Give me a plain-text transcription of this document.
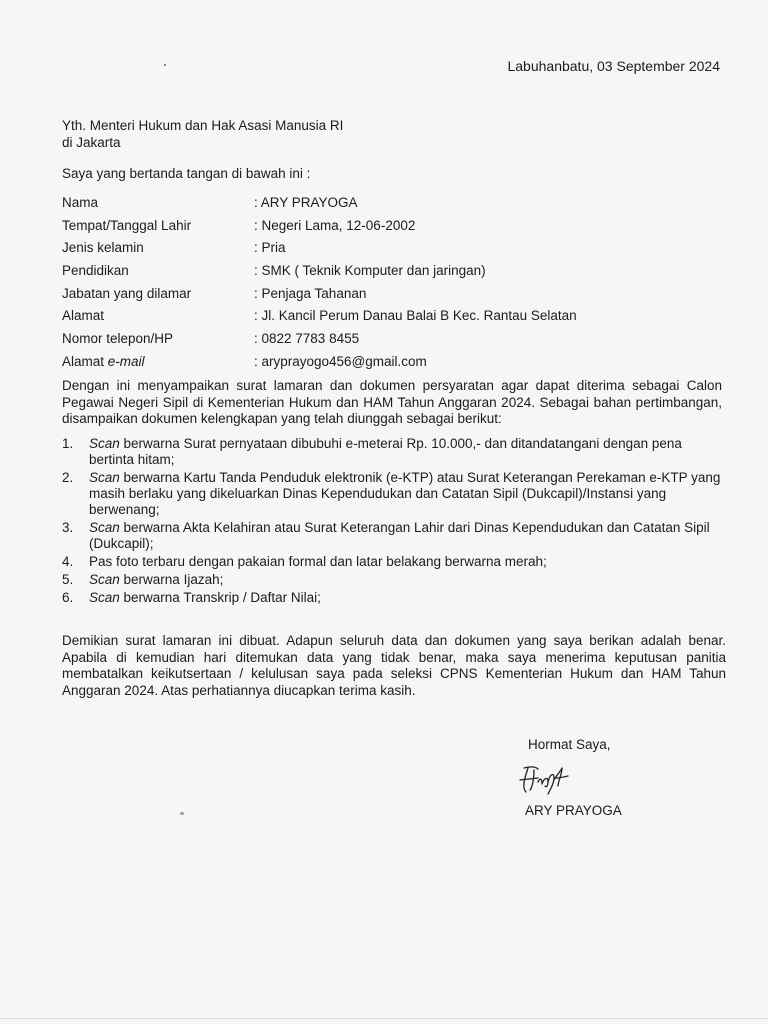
Labuhanbatu, 03 September 2024
Yth. Menteri Hukum dan Hak Asasi Manusia RI
di Jakarta
Saya yang bertanda tangan di bawah ini :
Nama	: ARY PRAYOGA
Tempat/Tanggal Lahir	: Negeri Lama, 12-06-2002
Jenis kelamin	: Pria
Pendidikan	: SMK ( Teknik Komputer dan jaringan)
Jabatan yang dilamar	: Penjaga Tahanan
Alamat	: Jl. Kancil Perum Danau Balai B Kec. Rantau Selatan
Nomor telepon/HP	: 0822 7783 8455
Alamat e-mail	: aryprayogo456@gmail.com
Dengan ini menyampaikan surat lamaran dan dokumen persyaratan agar dapat diterima sebagai Calon Pegawai Negeri Sipil di Kementerian Hukum dan HAM Tahun Anggaran 2024. Sebagai bahan pertimbangan, disampaikan dokumen kelengkapan yang telah diunggah sebagai berikut:
1.	Scan berwarna Surat pernyataan dibubuhi e-meterai Rp. 10.000,- dan ditandatangani dengan pena bertinta hitam;
2.	Scan berwarna Kartu Tanda Penduduk elektronik (e-KTP) atau Surat Keterangan Perekaman e-KTP yang masih berlaku yang dikeluarkan Dinas Kependudukan dan Catatan Sipil (Dukcapil)/Instansi yang berwenang;
3.	Scan berwarna Akta Kelahiran atau Surat Keterangan Lahir dari Dinas Kependudukan dan Catatan Sipil (Dukcapil);
4.	Pas foto terbaru dengan pakaian formal dan latar belakang berwarna merah;
5.	Scan berwarna Ijazah;
6.	Scan berwarna Transkrip / Daftar Nilai;
Demikian surat lamaran ini dibuat. Adapun seluruh data dan dokumen yang saya berikan adalah benar. Apabila di kemudian hari ditemukan data yang tidak benar, maka saya menerima keputusan panitia membatalkan keikutsertaan / kelulusan saya pada seleksi CPNS Kementerian Hukum dan HAM Tahun Anggaran 2024. Atas perhatiannya diucapkan terima kasih.
Hormat Saya,
ARY PRAYOGA
